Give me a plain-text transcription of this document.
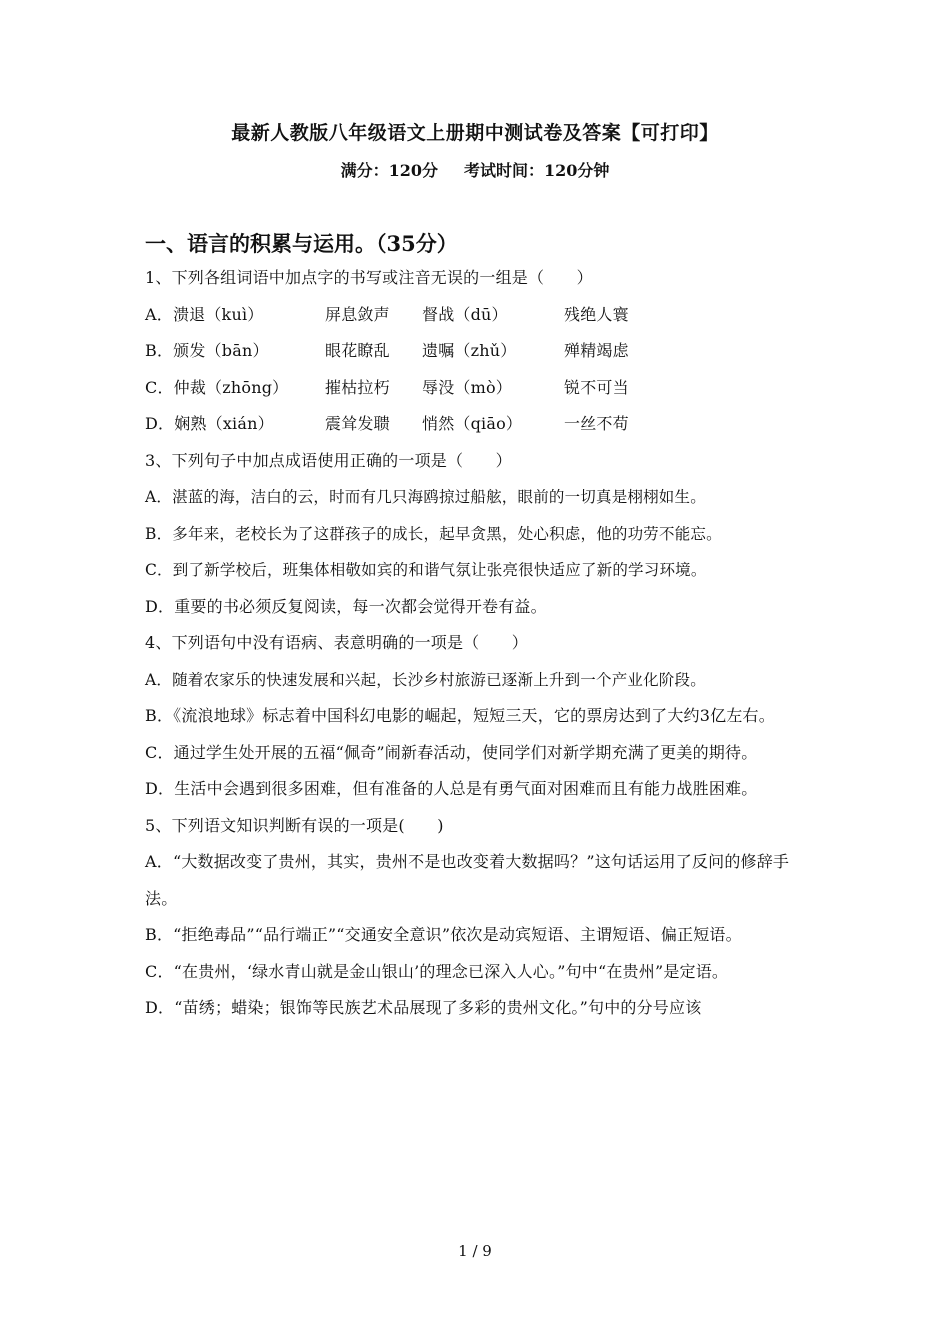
最新人教版八年级语文上册期中测试卷及答案【可打印】
满分：120分 考试时间：120分钟
一、语言的积累与运用。（35分）
1、下列各组词语中加点字的书写或注音无误的一组是（　　）
A．溃退（kuì）	屏息敛声	督战（dū）	残绝人寰
B．颁发（bān）	眼花瞭乱	遗嘱（zhǔ）	殚精竭虑
C．仲裁（zhōng）	摧枯拉朽	辱没（mò）	锐不可当
D．娴熟（xián）	震耸发聩	悄然（qiāo）	一丝不苟
3、下列句子中加点成语使用正确的一项是（　　）
A．湛蓝的海，洁白的云，时而有几只海鸥掠过船舷，眼前的一切真是栩栩如生。
B．多年来，老校长为了这群孩子的成长，起早贪黑，处心积虑，他的功劳不能忘。
C．到了新学校后，班集体相敬如宾的和谐气氛让张亮很快适应了新的学习环境。
D．重要的书必须反复阅读，每一次都会觉得开卷有益。
4、下列语句中没有语病、表意明确的一项是（　　）
A．随着农家乐的快速发展和兴起，长沙乡村旅游已逐渐上升到一个产业化阶段。
B．《流浪地球》标志着中国科幻电影的崛起，短短三天，它的票房达到了大约3亿左右。
C．通过学生处开展的五福“佩奇”闹新春活动，使同学们对新学期充满了更美的期待。
D．生活中会遇到很多困难，但有准备的人总是有勇气面对困难而且有能力战胜困难。
5、下列语文知识判断有误的一项是(　　)
A．“大数据改变了贵州，其实，贵州不是也改变着大数据吗？”这句话运用了反问的修辞手法。
B．“拒绝毒品”“品行端正”“交通安全意识”依次是动宾短语、主谓短语、偏正短语。
C．“在贵州，‘绿水青山就是金山银山’的理念已深入人心。”句中“在贵州”是定语。
D．“苗绣；蜡染；银饰等民族艺术品展现了多彩的贵州文化。”句中的分号应该
1 / 9
